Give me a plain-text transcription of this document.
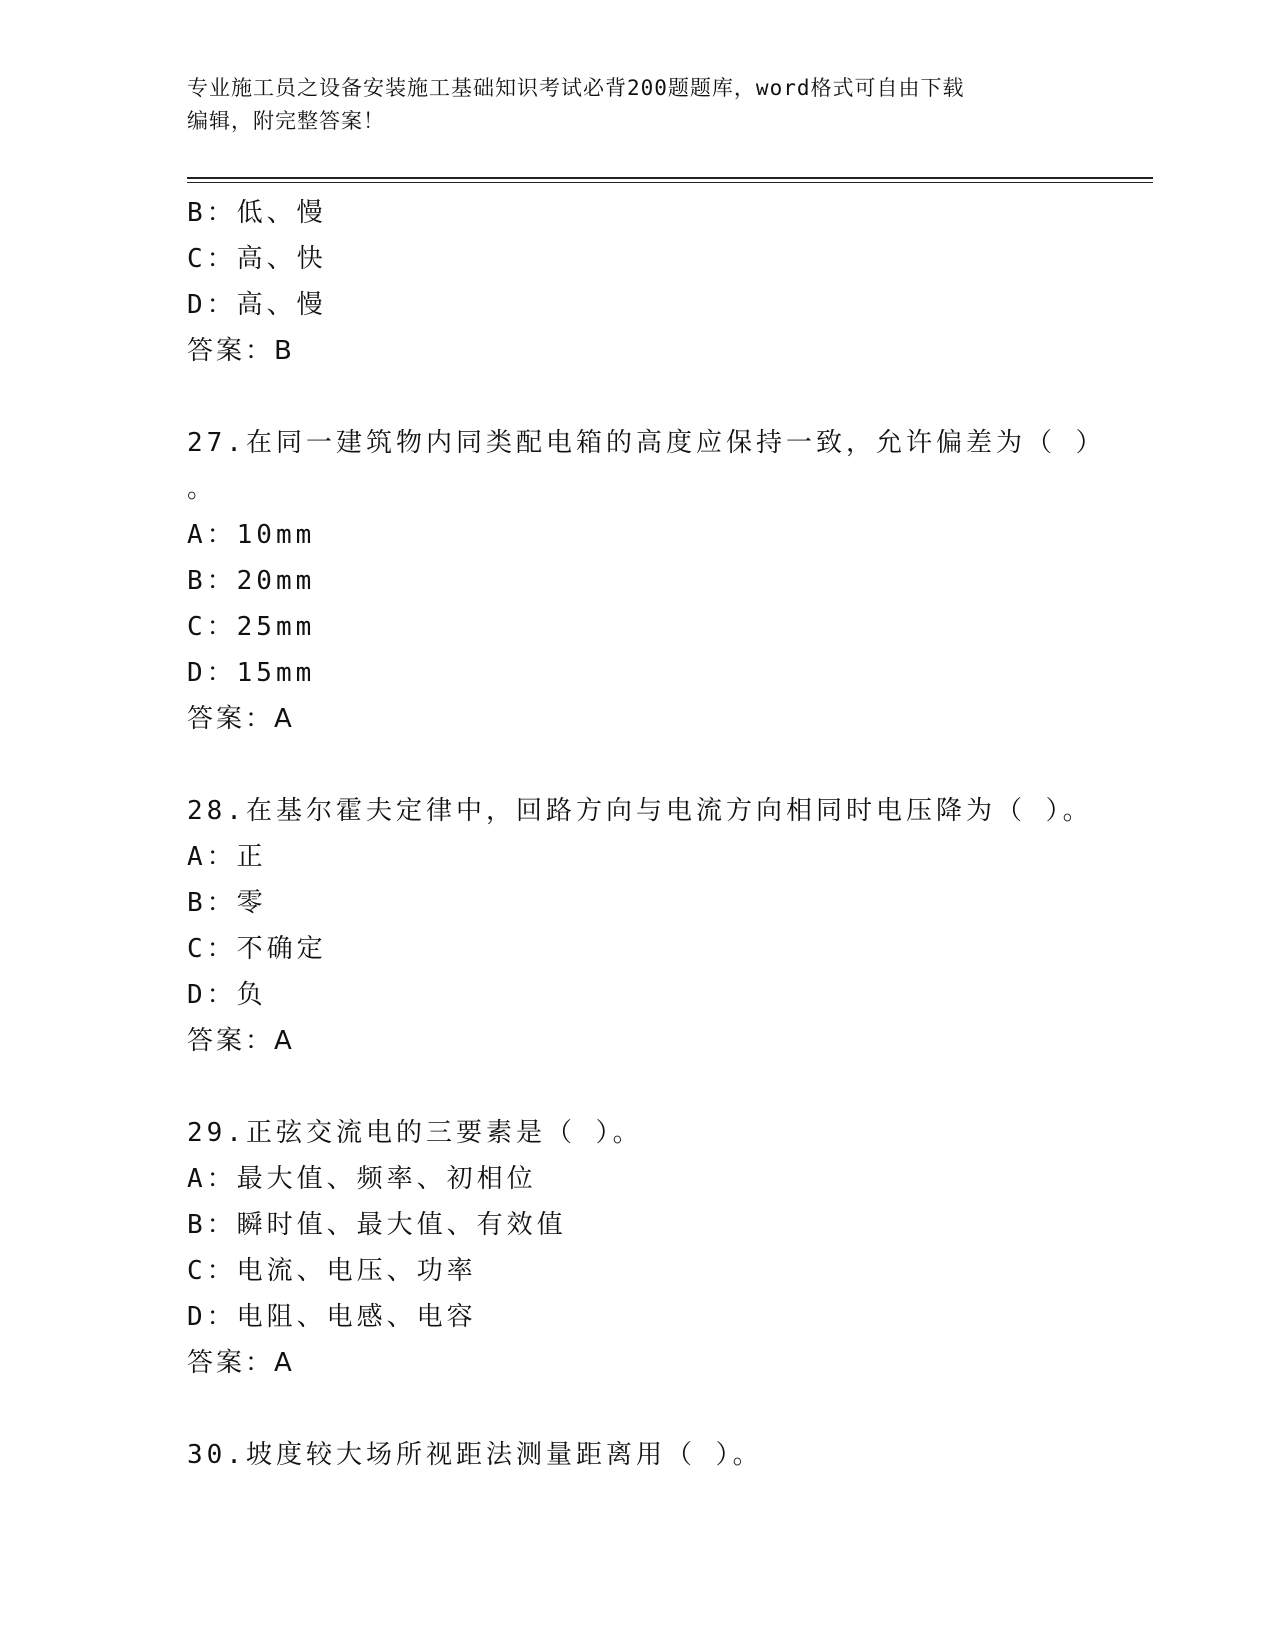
专业施工员之设备安装施工基础知识考试必背200题题库，word格式可自由下载
编辑，附完整答案！
B：低、慢
C：高、快
D：高、慢
答案：B
27.在同一建筑物内同类配电箱的高度应保持一致，允许偏差为（ ）
。
A：10mm
B：20mm
C：25mm
D：15mm
答案：A
28.在基尔霍夫定律中，回路方向与电流方向相同时电压降为（ ）。
A：正
B：零
C：不确定
D：负
答案：A
29.正弦交流电的三要素是（ ）。
A：最大值、频率、初相位
B：瞬时值、最大值、有效值
C：电流、电压、功率
D：电阻、电感、电容
答案：A
30.坡度较大场所视距法测量距离用（ ）。
